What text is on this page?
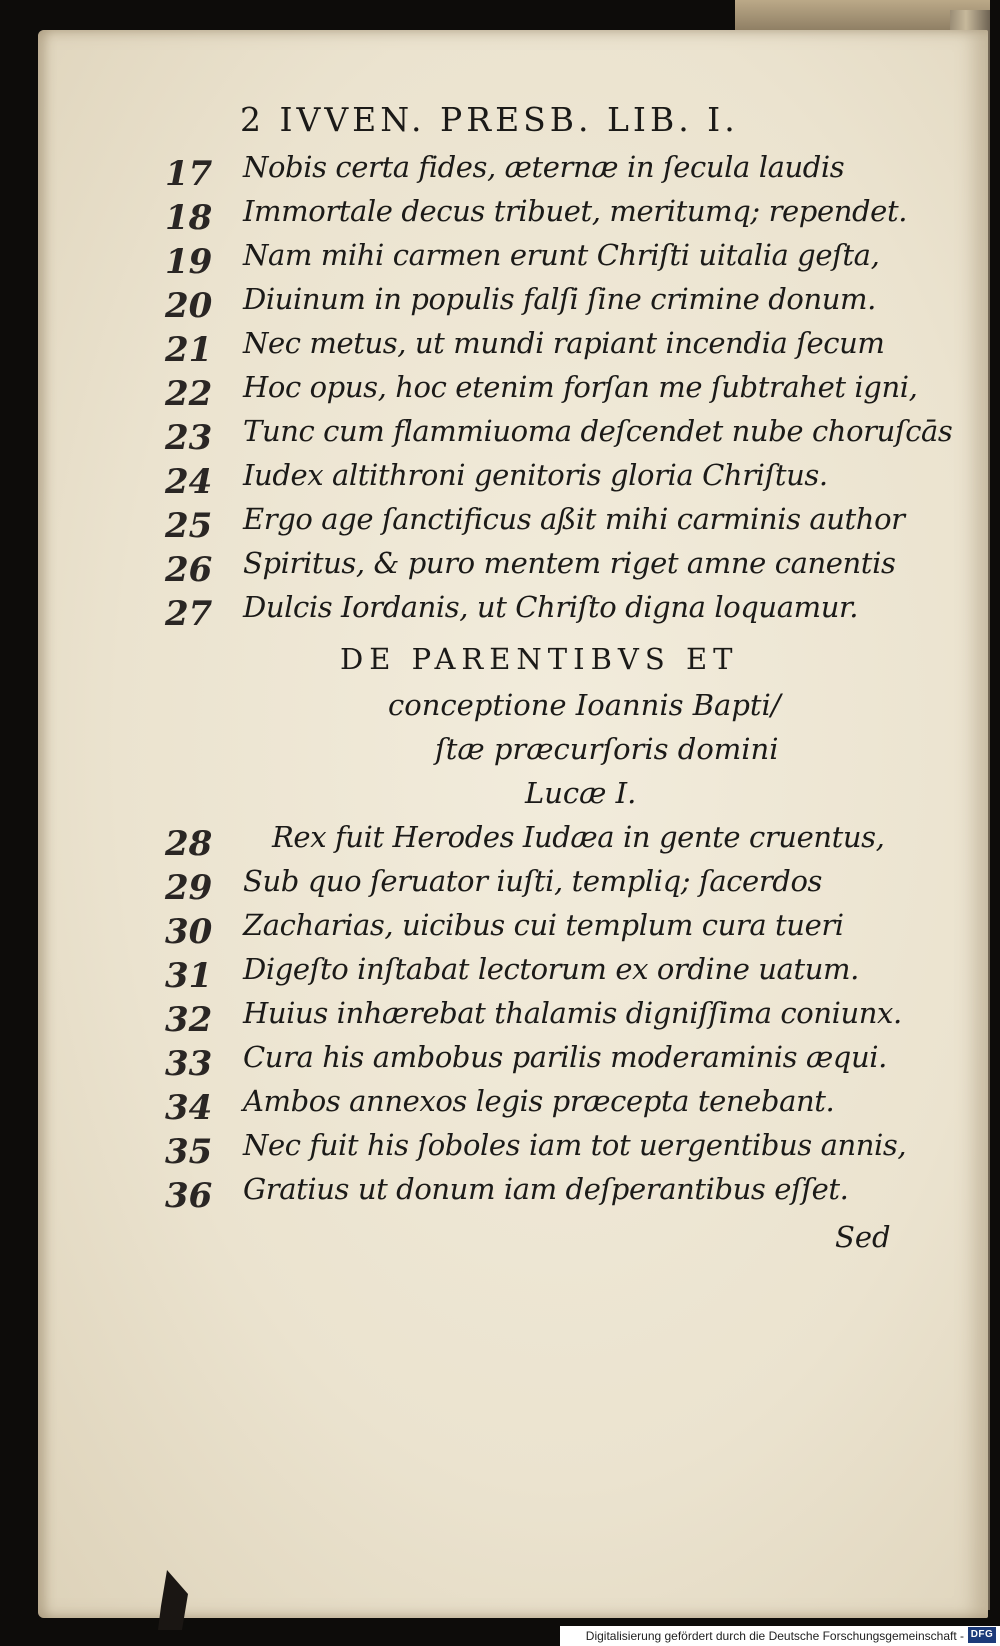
2 IVVEN. PRESB. LIB. I.

17	Nobis certa fides, æternæ in ſecula laudis

18	Immortale decus tribuet, meritumq; rependet.

19	Nam mihi carmen erunt Chriſti uitalia geſta,

20	Diuinum in populis falſi ſine crimine donum.

21	Nec metus, ut mundi rapiant incendia ſecum

22	Hoc opus, hoc etenim forſan me ſubtrahet igni,

23	Tunc cum flammiuoma deſcendet nube choruſcās

24	Iudex altithroni genitoris gloria Chriſtus.

25	Ergo age ſanctificus aßit mihi carminis author

26	Spiritus, & puro mentem riget amne canentis

27	Dulcis Iordanis, ut Chriſto digna loquamur.

DE PARENTIBVS ET

conceptione Ioannis Bapti/

ſtæ præcurſoris domini

Lucæ I.

28	Rex fuit Herodes Iudæa in gente cruentus,

29	Sub quo ſeruator iuſti, templiq; ſacerdos

30	Zacharias, uicibus cui templum cura tueri

31	Digeſto inſtabat lectorum ex ordine uatum.

32	Huius inhærebat thalamis digniſſima coniunx.

33	Cura his ambobus parilis moderaminis æqui.

34	Ambos annexos legis præcepta tenebant.

35	Nec fuit his ſoboles iam tot uergentibus annis,

36	Gratius ut donum iam deſperantibus eſſet.

Sed

Digitalisierung gefördert durch die Deutsche Forschungsgemeinschaft - DFG
